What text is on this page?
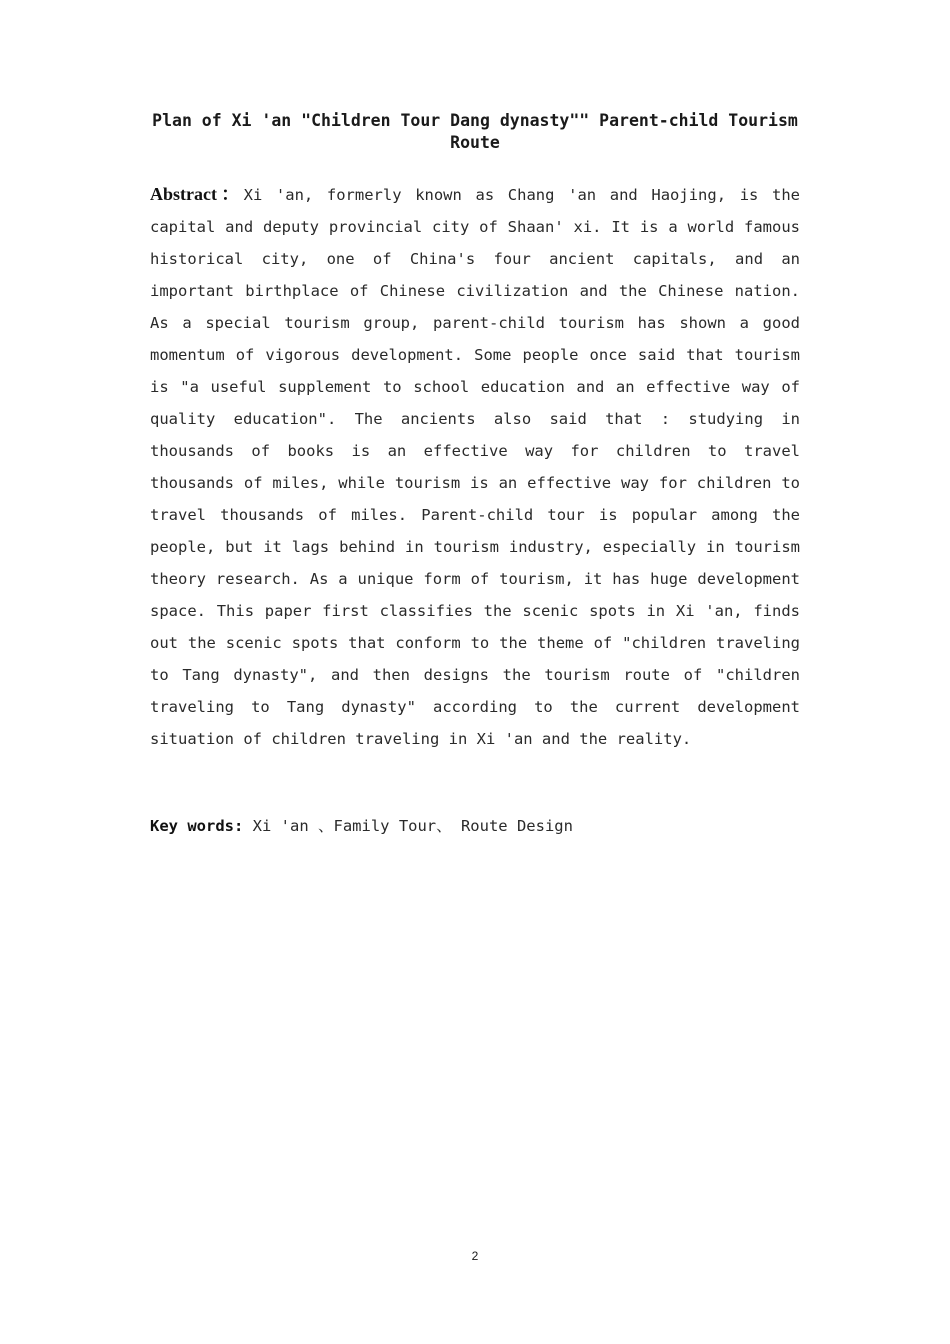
Plan of Xi 'an "Children Tour Dang dynasty"" Parent-child Tourism Route

Abstract：Xi 'an, formerly known as Chang 'an and Haojing, is the capital and deputy provincial city of Shaan' xi. It is a world famous historical city, one of China's four ancient capitals, and an important birthplace of Chinese civilization and the Chinese nation. As a special tourism group, parent-child tourism has shown a good momentum of vigorous development. Some people once said that tourism is "a useful supplement to school education and an effective way of quality education". The ancients also said that : studying in thousands of books is an effective way for children to travel thousands of miles, while tourism is an effective way for children to travel thousands of miles. Parent-child tour is popular among the people, but it lags behind in tourism industry, especially in tourism theory research. As a unique form of tourism, it has huge development space. This paper first classifies the scenic spots in Xi 'an, finds out the scenic spots that conform to the theme of "children traveling to Tang dynasty", and then designs the tourism route of "children traveling to Tang dynasty" according to the current development situation of children traveling in Xi 'an and the reality.

Key words: Xi 'an 、Family Tour、 Route Design

2
